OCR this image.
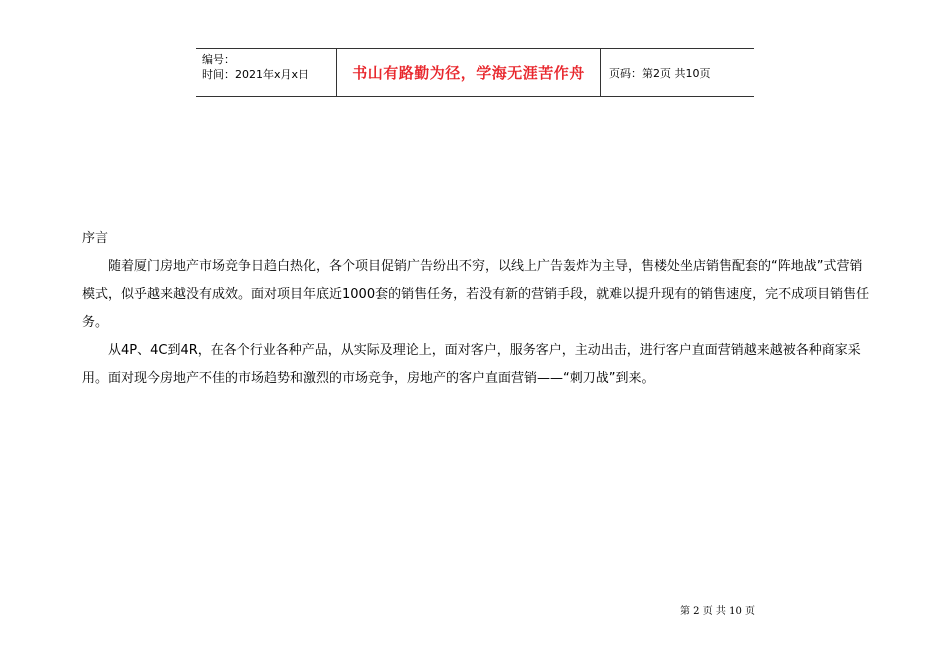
编号：
时间：2021年x月x日	书山有路勤为径，学海无涯苦作舟 页码：第2页 共10页

序言

随着厦门房地产市场竞争日趋白热化，各个项目促销广告纷出不穷，以线上广告轰炸为主导，售楼处坐店销售配套的“阵地战”式营销模式，似乎越来越没有成效。面对项目年底近1000套的销售任务，若没有新的营销手段，就难以提升现有的销售速度，完不成项目销售任务。

从4P、4C到4R，在各个行业各种产品，从实际及理论上，面对客户，服务客户，主动出击，进行客户直面营销越来越被各种商家采用。面对现今房地产不佳的市场趋势和激烈的市场竞争，房地产的客户直面营销——“刺刀战”到来。

第 2 页 共 10 页
